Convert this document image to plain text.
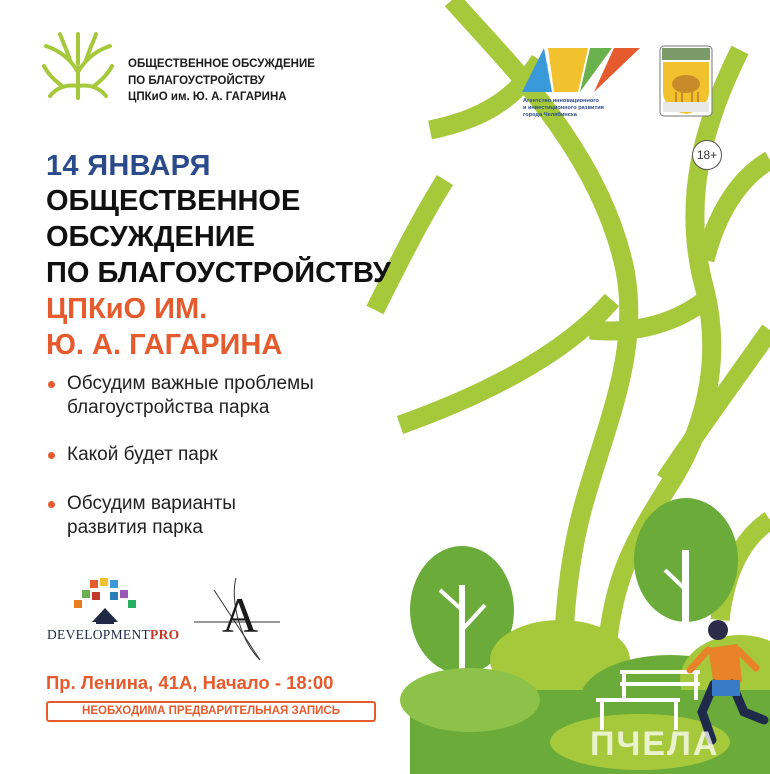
ОБЩЕСТВЕННОЕ ОБСУЖДЕНИЕ
ПО БЛАГОУСТРОЙСТВУ
ЦПКиО им. Ю. А. ГАГАРИНА	Агентство инновационного
и инвестиционного развития
города Челябинска
18+
14 ЯНВАРЯ
ОБЩЕСТВЕННОЕ
ОБСУЖДЕНИЕ
ПО БЛАГОУСТРОЙСТВУ
ЦПКиО ИМ.
Ю. А. ГАГАРИНА
Обсудим важные проблемы
благоустройства парка
Какой будет парк
Обсудим варианты
развития парка
DEVELOPMENTPRO A
Пр. Ленина, 41А, Начало - 18:00
НЕОБХОДИМА ПРЕДВАРИТЕЛЬНАЯ ЗАПИСЬ
ПЧЕЛА
